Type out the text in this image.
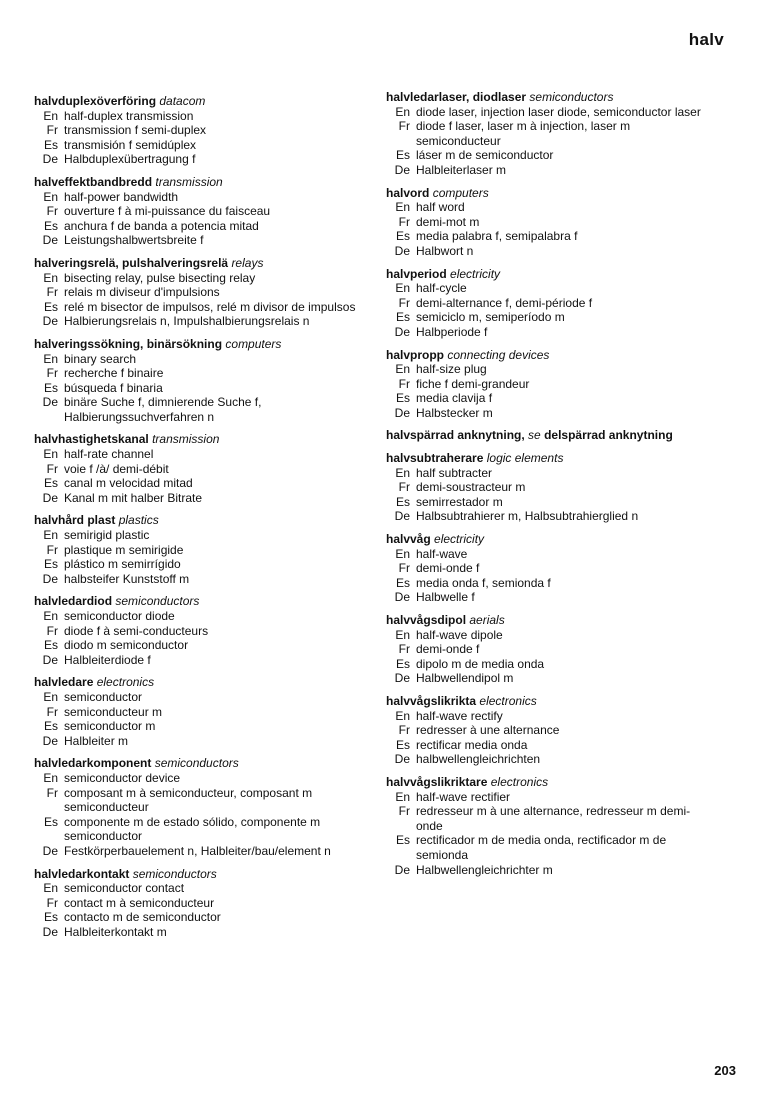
halv
halvduplexöverföring datacom
En half-duplex transmission
Fr transmission f semi-duplex
Es transmisión f semidúplex
De Halbduplexübertragung f
halveffektbandbredd transmission
En half-power bandwidth
Fr ouverture f à mi-puissance du faisceau
Es anchura f de banda a potencia mitad
De Leistungshalbwertsbreite f
halveringsrelä, pulshalveringsrelä relays
En bisecting relay, pulse bisecting relay
Fr relais m diviseur d'impulsions
Es relé m bisector de impulsos, relé m divisor de impulsos
De Halbierungsrelais n, Impulshalbierungsrelais n
halveringssökning, binärsökning computers
En binary search
Fr recherche f binaire
Es búsqueda f binaria
De binäre Suche f, dimnierende Suche f, Halbierungssuchverfahren n
halvhastighetskanal transmission
En half-rate channel
Fr voie f /à/ demi-débit
Es canal m velocidad mitad
De Kanal m mit halber Bitrate
halvhård plast plastics
En semirigid plastic
Fr plastique m semirigide
Es plástico m semirrígido
De halbsteifer Kunststoff m
halvledardiod semiconductors
En semiconductor diode
Fr diode f à semi-conducteurs
Es diodo m semiconductor
De Halbleiterdiode f
halvledare electronics
En semiconductor
Fr semiconducteur m
Es semiconductor m
De Halbleiter m
halvledarkomponent semiconductors
En semiconductor device
Fr composant m à semiconducteur, composant m semiconducteur
Es componente m de estado sólido, componente m semiconductor
De Festkörperbauelement n, Halbleiter/bau/element n
halvledarkontakt semiconductors
En semiconductor contact
Fr contact m à semiconducteur
Es contacto m de semiconductor
De Halbleiterkontakt m
halvledarlaser, diodlaser semiconductors
En diode laser, injection laser diode, semiconductor laser
Fr diode f laser, laser m à injection, laser m semiconducteur
Es láser m de semiconductor
De Halbleiterlaser m
halvord computers
En half word
Fr demi-mot m
Es media palabra f, semipalabra f
De Halbwort n
halvperiod electricity
En half-cycle
Fr demi-alternance f, demi-période f
Es semiciclo m, semiperíodo m
De Halbperiode f
halvpropp connecting devices
En half-size plug
Fr fiche f demi-grandeur
Es media clavija f
De Halbstecker m
halvspärrad anknytning, se delspärrad anknytning
halvsubtraherare logic elements
En half subtracter
Fr demi-soustracteur m
Es semirrestador m
De Halbsubtrahierer m, Halbsubtrahierglied n
halvvåg electricity
En half-wave
Fr demi-onde f
Es media onda f, semionda f
De Halbwelle f
halvvågsdipol aerials
En half-wave dipole
Fr demi-onde f
Es dipolo m de media onda
De Halbwellendipol m
halvvågslikrikta electronics
En half-wave rectify
Fr redresser à une alternance
Es rectificar media onda
De halbwellengleichrichten
halvvågslikriktare electronics
En half-wave rectifier
Fr redresseur m à une alternance, redresseur m demi-onde
Es rectificador m de media onda, rectificador m de semionda
De Halbwellengleichrichter m
203
